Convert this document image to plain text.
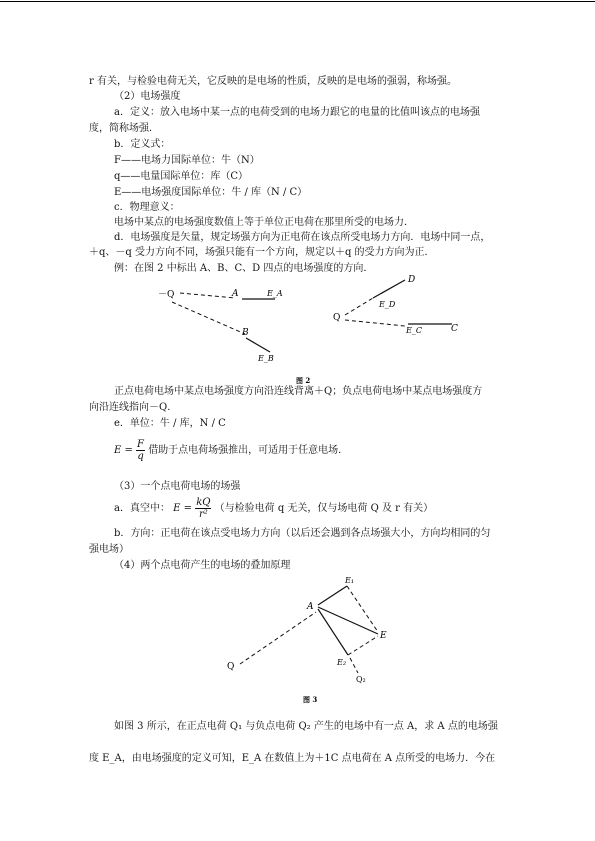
r 有关，与检验电荷无关，它反映的是电场的性质，反映的是电场的强弱，称场强。
（2）电场强度
a．定义：放入电场中某一点的电荷受到的电场力跟它的电量的比值叫该点的电场强
度，简称场强．
b．定义式：
F——电场力国际单位：牛（N）
q——电量国际单位：库（C）
E——电场强度国际单位：牛 / 库（N / C）
c．物理意义：
电场中某点的电场强度数值上等于单位正电荷在那里所受的电场力．
d．电场强度是矢量，规定场强方向为正电荷在该点所受电场力方向．电场中同一点，
＋q、－q 受力方向不同，场强只能有一个方向，规定以＋q 的受力方向为正．
例：在图 2 中标出 A、B、C、D 四点的电场强度的方向．
－Q	A	E_A
B
E_B
Q
D
E_D
E_C	C
图 2
正点电荷电场中某点电场强度方向沿连线背离＋Q；负点电荷电场中某点电场强度方
向沿连线指向－Q．
e．单位：牛 / 库，N / C
$E = \frac{F}{q}$ 借助于点电荷场强推出，可适用于任意电场．
（3）一个点电荷电场的场强
a．真空中： $E = \frac{kQ}{\text{r²}}$ （与检验电荷 q 无关，仅与场电荷 Q 及 r 有关）
b．方向：正电荷在该点受电场力方向（以后还会遇到各点场强大小，方向均相同的匀
强电场）
（4）两个点电荷产生的电场的叠加原理
E₁
A
E
E₂
Q₂
Q
图 3
如图 3 所示，在正点电荷 Q₁ 与负点电荷 Q₂ 产生的电场中有一点 A，求 A 点的电场强
度 E_A，由电场强度的定义可知，E_A 在数值上为＋1C 点电荷在 A 点所受的电场力．今在
